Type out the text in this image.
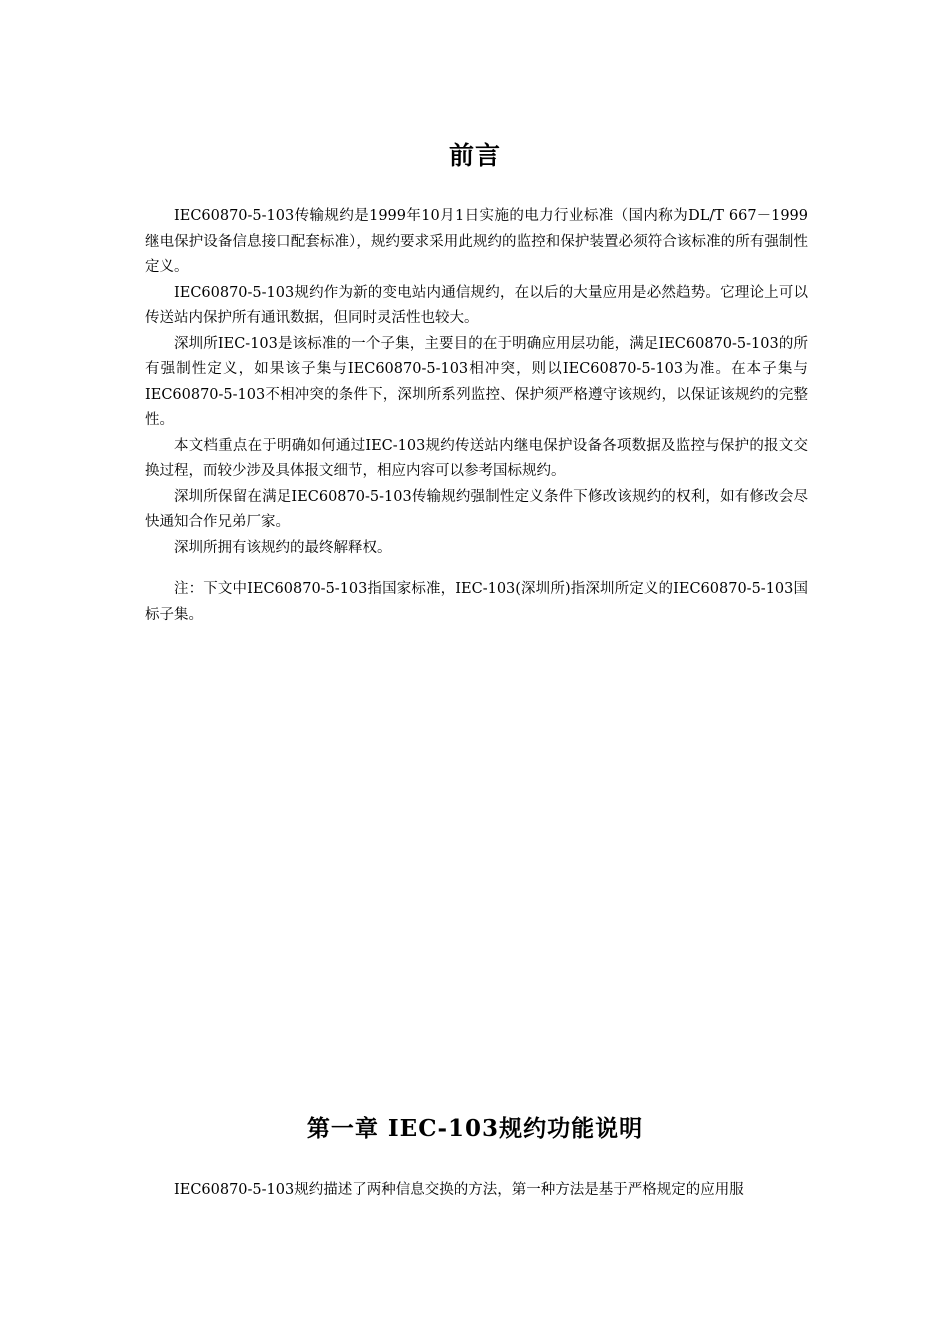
前言

IEC60870-5-103传输规约是1999年10月1日实施的电力行业标准（国内称为DL/T 667－1999继电保护设备信息接口配套标准），规约要求采用此规约的监控和保护装置必须符合该标准的所有强制性定义。

IEC60870-5-103规约作为新的变电站内通信规约，在以后的大量应用是必然趋势。它理论上可以传送站内保护所有通讯数据，但同时灵活性也较大。

深圳所IEC-103是该标准的一个子集，主要目的在于明确应用层功能，满足IEC60870-5-103的所有强制性定义，如果该子集与IEC60870-5-103相冲突，则以IEC60870-5-103为准。在本子集与IEC60870-5-103不相冲突的条件下，深圳所系列监控、保护须严格遵守该规约，以保证该规约的完整性。

本文档重点在于明确如何通过IEC-103规约传送站内继电保护设备各项数据及监控与保护的报文交换过程，而较少涉及具体报文细节，相应内容可以参考国标规约。

深圳所保留在满足IEC60870-5-103传输规约强制性定义条件下修改该规约的权利，如有修改会尽快通知合作兄弟厂家。

深圳所拥有该规约的最终解释权。

注：下文中IEC60870-5-103指国家标准，IEC-103(深圳所)指深圳所定义的IEC60870-5-103国标子集。

第一章 IEC-103规约功能说明

IEC60870-5-103规约描述了两种信息交换的方法，第一种方法是基于严格规定的应用服
